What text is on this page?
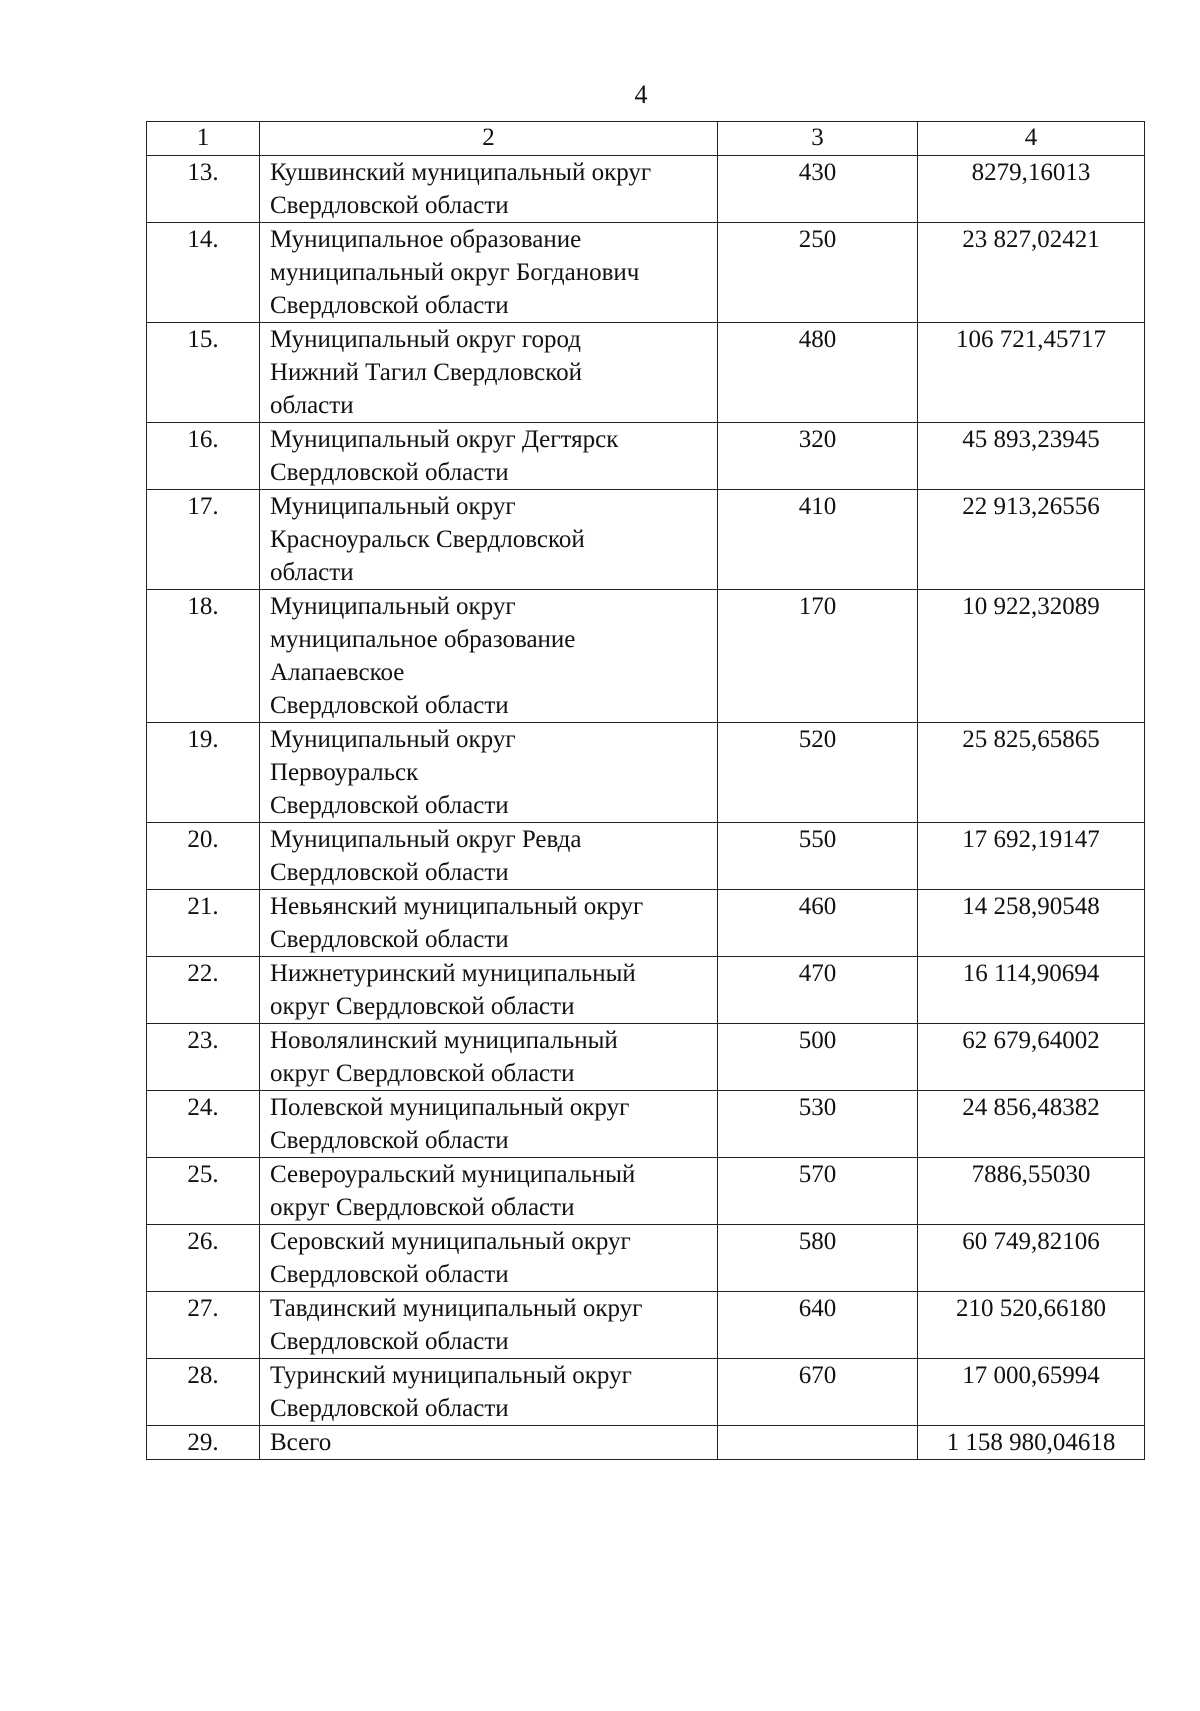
4
1	2	3	4
13.	Кушвинский муниципальный округ
Свердловской области	430	8279,16013
14.	Муниципальное образование
муниципальный округ Богданович
Свердловской области	250	23 827,02421
15.	Муниципальный округ город
Нижний Тагил Свердловской
области	480	106 721,45717
16.	Муниципальный округ Дегтярск
Свердловской области	320	45 893,23945
17.	Муниципальный округ
Красноуральск Свердловской
области	410	22 913,26556
18.	Муниципальный округ
муниципальное образование
Алапаевское
Свердловской области	170	10 922,32089
19.	Муниципальный округ
Первоуральск
Свердловской области	520	25 825,65865
20.	Муниципальный округ Ревда
Свердловской области	550	17 692,19147
21.	Невьянский муниципальный округ
Свердловской области	460	14 258,90548
22.	Нижнетуринский муниципальный
округ Свердловской области	470	16 114,90694
23.	Новолялинский муниципальный
округ Свердловской области	500	62 679,64002
24.	Полевской муниципальный округ
Свердловской области	530	24 856,48382
25.	Североуральский муниципальный
округ Свердловской области	570	7886,55030
26.	Серовский муниципальный округ
Свердловской области	580	60 749,82106
27.	Тавдинский муниципальный округ
Свердловской области	640	210 520,66180
28.	Туринский муниципальный округ
Свердловской области	670	17 000,65994
29.	Всего		1 158 980,04618
